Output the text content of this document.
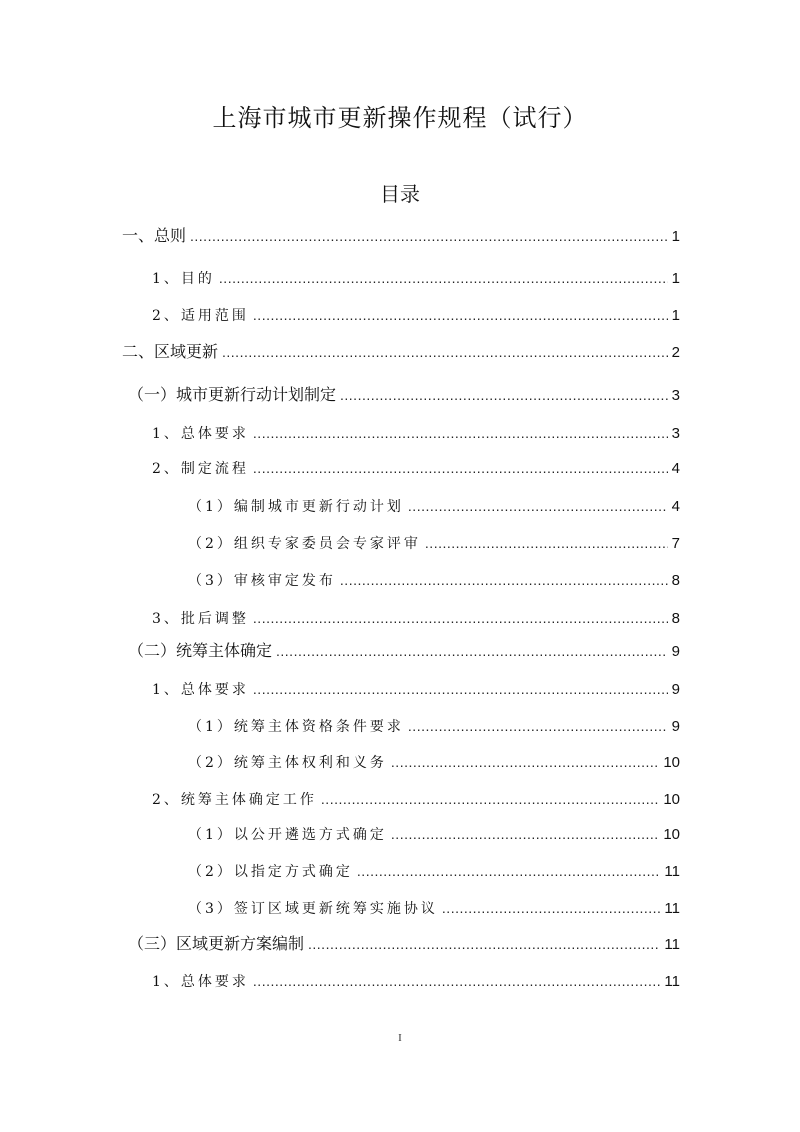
上海市城市更新操作规程（试行）
目录
一、总则 .....	1
1、目的 .....	1
2、适用范围 .....	1
二、区域更新 .....	2
（一）城市更新行动计划制定 .....	3
1、总体要求 .....	3
2、制定流程 .....	4
（1）编制城市更新行动计划 .....	4
（2）组织专家委员会专家评审 .....	7
（3）审核审定发布 .....	8
3、批后调整 .....	8
（二）统筹主体确定 .....	9
1、总体要求 .....	9
（1）统筹主体资格条件要求 .....	9
（2）统筹主体权利和义务 .....	10
2、统筹主体确定工作 .....	10
（1）以公开遴选方式确定 .....	10
（2）以指定方式确定 .....	11
（3）签订区域更新统筹实施协议 .....	11
（三）区域更新方案编制 .....	11
1、总体要求 .....	11
I
